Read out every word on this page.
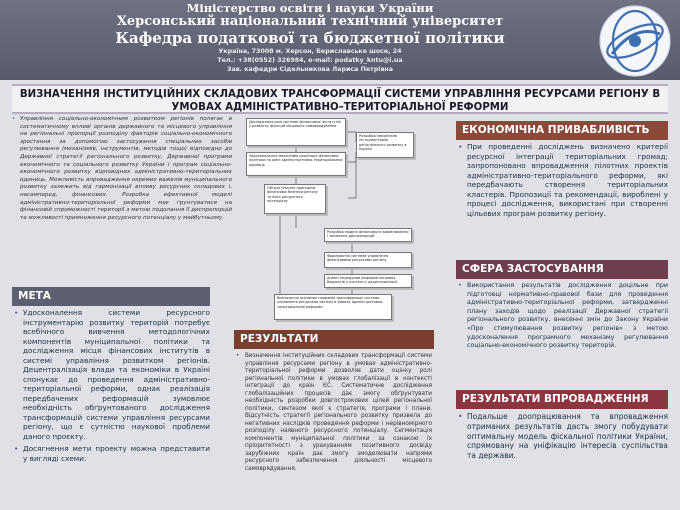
Міністерство освіти і науки України
Херсонський національний технічний університет
Кафедра податкової та бюджетної політики
Україна, 73008 м. Херсон, Бериславське шосе, 24
Тел.: +38(0552) 326984, e-mail: podatky_kntu@i.ua
Зав. кафедри Сідельникова Лариса Петрівна
ВИЗНАЧЕННЯ ІНСТИТУЦІЙНИХ СКЛАДОВИХ ТРАНСФОРМАЦІЇ СИСТЕМИ УПРАВЛІННЯ РЕСУРСАМИ РЕГІОНУ В
УМОВАХ АДМІНІСТРАТИВНО–ТЕРИТОРІАЛЬНОЇ РЕФОРМИ
• Управління соціально-економічним розвитком регіонів полягає в систематичному впливі органів державного та місцевого управління на регіональні пропорції розподілу факторів соціально-економічного зростання за допомогою застосування спеціальних засобів регулювання (механізмів, інструментів, методів тощо) відповідно до Державної стратегії регіонального розвитку, Державної програми економічного та соціального розвитку України і програм соціально-економічного розвитку відповідних адміністративно-територіальних одиниць. Можливість впровадження окремих важелів муніципального розвитку залежить від гармонізації впливу ресурсних складових і, насамперед, фінансових. Розробка ефективної моделі адміністративно-територіальної реформи має ґрунтуватися на фінансовій спроможності території з метою подолання її диспропорцій та можливості примноження ресурсного потенціалу у майбутньому.
МЕТА
• Удосконалення системи ресурсного інструментарію розвитку територій потребує всебічного вивчення методологічних компонентів муніципальної політики та дослідження місця фінансових інститутів в системі управління розвитком регіонів. Децентралізація влади та економіки в Україні спонукає до проведення адміністративно-територіальної реформи, однак реалізація передбачених реформацій зумовлює необхідність обґрунтованого дослідження трансформацій системи управління ресурсами регіону, що є сутністю наукової проблеми даного проєкту.
• Досягнення мети проекту можна представити у вигляді схеми.
Дослідження ролі системи фінансових інститутів у розвитку функцій місцевого самоврядування
Розробка механізмів інструментарію регіонального розвитку в Україні
Удосконалення механізмів реалізації фінансової політики на рівні адміністративно-територіальних одиниць
Обґрунтування принципів фінансової безпеки регіону та його ресурсного потенціалу
Розробка моделі фінансового вирівнювання і зниження диспропорцій
Формування системи управління фінансовими ресурсами регіону
Аналіз передумов реформи місцевих бюджетів у контексті децентралізації
Визначення основних напрямів трансформації системи управління ресурсами регіону в умовах адміністративно-територіальної реформи
РЕЗУЛЬТАТИ
• Визначення інституційних складових трансформації системи управління ресурсами регіону в умовах адміністративно-територіальної реформи дозволяє дати оцінку ролі регіональної політики в умовах глобалізації в контексті інтеграції до країн ЄС. Систематичне дослідження глобалізаційних процесів дає змогу обґрунтувати необхідність розробки довгострокових цілей регіональної політики, синтезом якої є стратегія, програми і плани. Відсутність стратегії регіонального розвитку призвела до негативних наслідків проведення реформи і нерівномірного розподілу наявного ресурсного потенціалу. Сегментація компонентів муніципальної політики за ознакою їх пріоритетності з урахуванням позитивного досвіду зарубіжних країн дає змогу змоделювати напрями ресурсного забезпечення діяльності місцевого самоврядування.
ЕКОНОМІЧНА ПРИВАБЛИВІСТЬ
• При проведенні досліджень визначено критерії ресурсної інтеграції територіальних громад; запропоновано впровадження пілотних проектів адміністративно-територіального реформи, які передбачають створення територіальних кластерів. Пропозиції та рекомендації, вироблені у процесі дослідження, використані при створенні цільових програм розвитку регіону.
СФЕРА ЗАСТОСУВАННЯ
• Використання результатів дослідження доцільне при підготовці нормативно-правової бази для проведення адміністративно-територіальної реформи, затвердженні плану заходів щодо реалізації Державної стратегії регіонального розвитку, внесенні змін до Закону України «Про стимулювання розвитку регіонів» з метою удосконалення програмного механізму регулювання соціально-економічного розвитку територій.
РЕЗУЛЬТАТИ ВПРОВАДЖЕННЯ
• Подальше доопрацювання та впровадження отриманих результатів дасть змогу побудувати оптимальну модель фіскальної політики України, спрямовану на уніфікацію інтересів суспільства та держави.
